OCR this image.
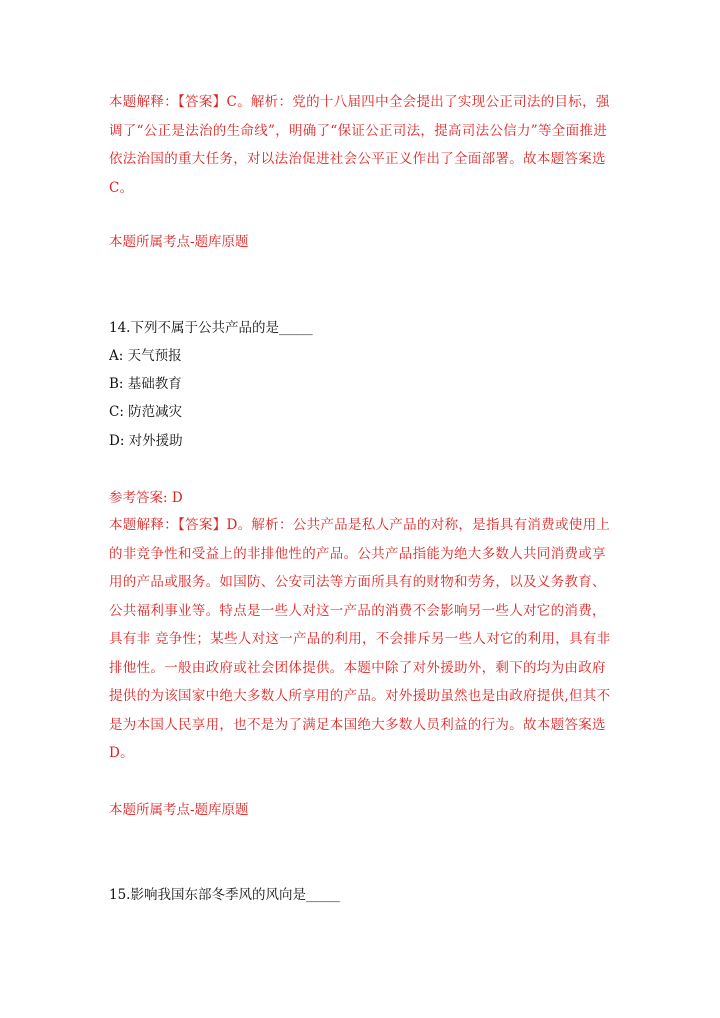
本题解释：【答案】C。解析：党的十八届四中全会提出了实现公正司法的目标，强调了“公正是法治的生命线”，明确了“保证公正司法，提高司法公信力”等全面推进依法治国的重大任务，对以法治促进社会公平正义作出了全面部署。故本题答案选C。

本题所属考点-题库原题

14.下列不属于公共产品的是_____

A: 天气预报

B: 基础教育

C: 防范减灾

D: 对外援助

参考答案: D

本题解释：【答案】D。解析：公共产品是私人产品的对称，是指具有消费或使用上的非竞争性和受益上的非排他性的产品。公共产品指能为绝大多数人共同消费或享用的产品或服务。如国防、公安司法等方面所具有的财物和劳务，以及义务教育、公共福利事业等。特点是一些人对这一产品的消费不会影响另一些人对它的消费，具有非 竞争性；某些人对这一产品的利用，不会排斥另一些人对它的利用，具有非排他性。一般由政府或社会团体提供。本题中除了对外援助外，剩下的均为由政府提供的为该国家中绝大多数人所享用的产品。对外援助虽然也是由政府提供,但其不是为本国人民享用，也不是为了满足本国绝大多数人员利益的行为。故本题答案选D。

本题所属考点-题库原题

15.影响我国东部冬季风的风向是_____
